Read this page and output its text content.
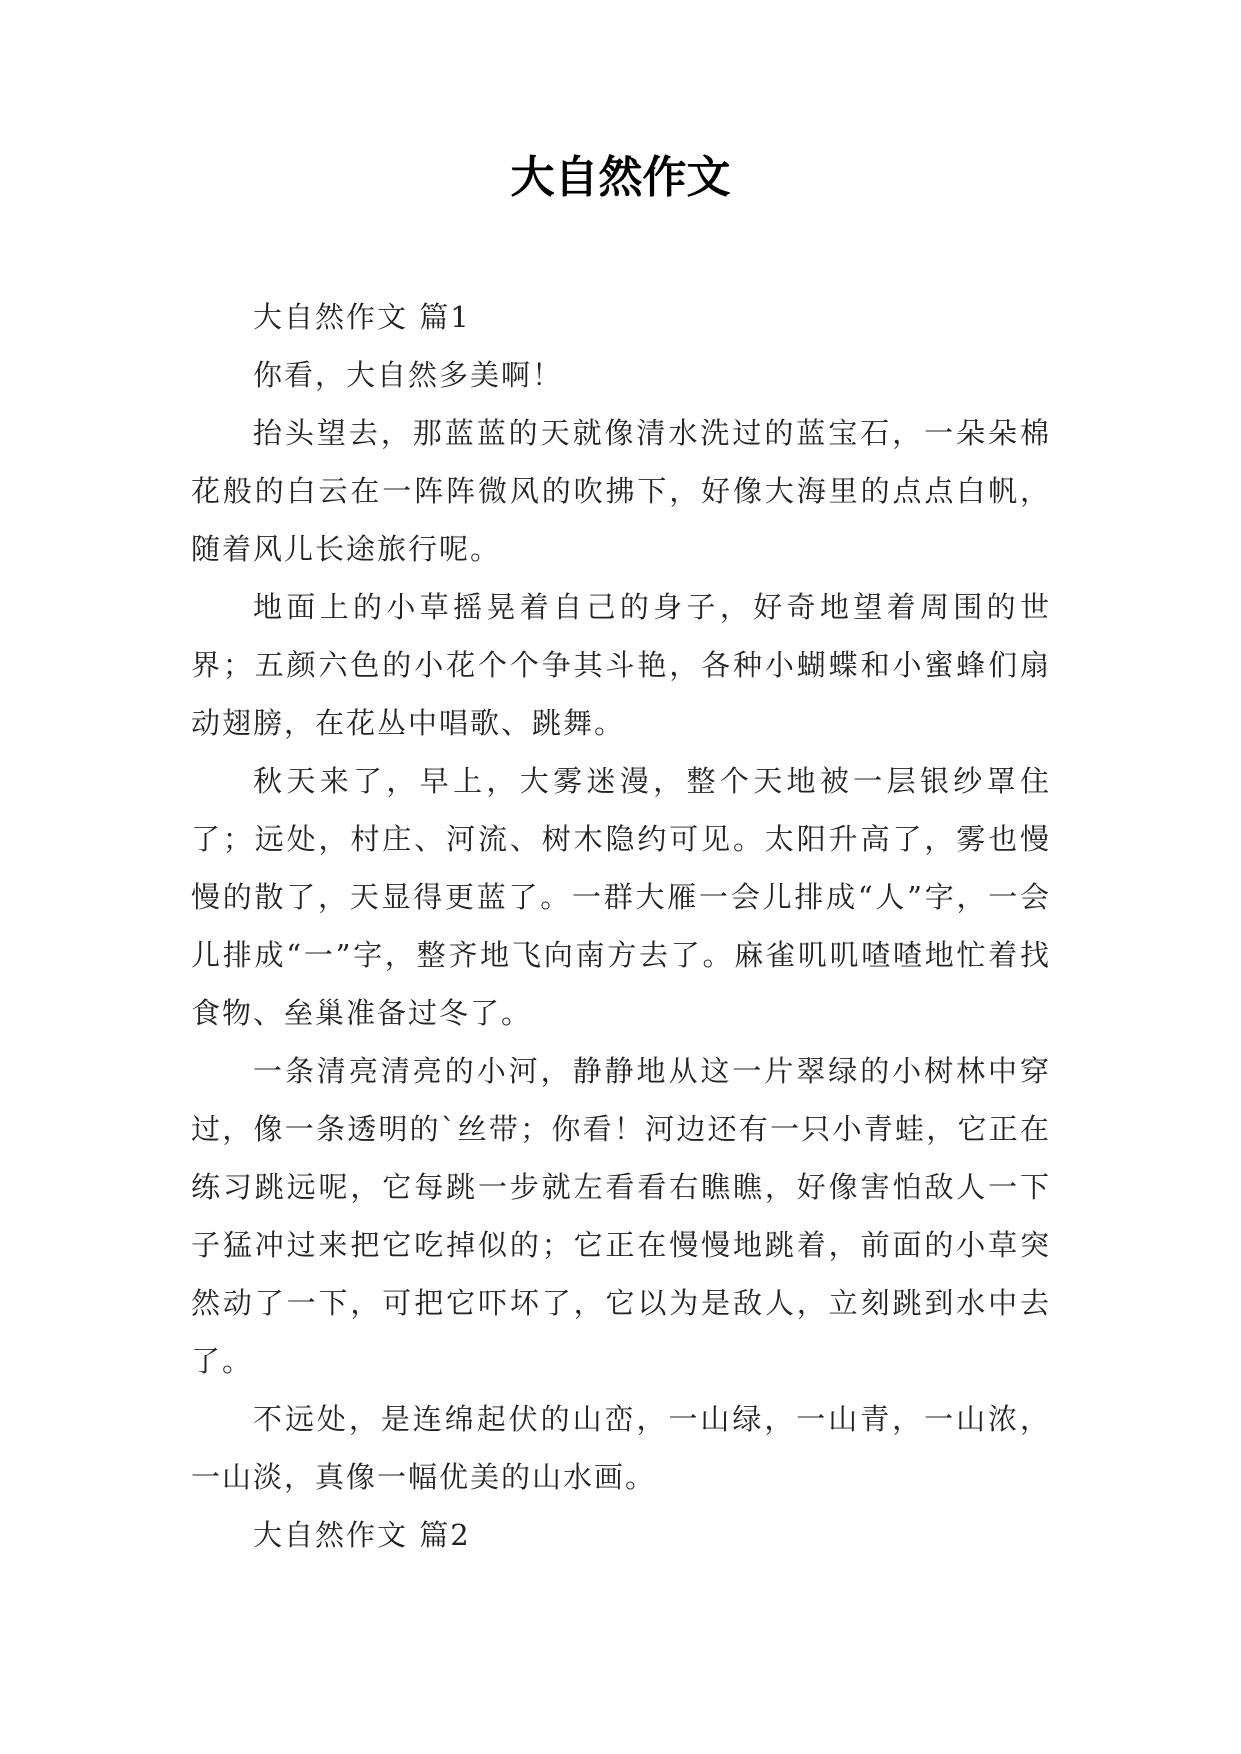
大自然作文

大自然作文 篇1

你看，大自然多美啊！

抬头望去，那蓝蓝的天就像清水洗过的蓝宝石，一朵朵棉花般的白云在一阵阵微风的吹拂下，好像大海里的点点白帆，随着风儿长途旅行呢。

地面上的小草摇晃着自己的身子，好奇地望着周围的世界；五颜六色的小花个个争其斗艳，各种小蝴蝶和小蜜蜂们扇动翅膀，在花丛中唱歌、跳舞。

秋天来了，早上，大雾迷漫，整个天地被一层银纱罩住了；远处，村庄、河流、树木隐约可见。太阳升高了，雾也慢慢的散了，天显得更蓝了。一群大雁一会儿排成“人”字，一会儿排成“一”字，整齐地飞向南方去了。麻雀叽叽喳喳地忙着找食物、垒巢准备过冬了。

一条清亮清亮的小河，静静地从这一片翠绿的小树林中穿过，像一条透明的`丝带；你看！河边还有一只小青蛙，它正在练习跳远呢，它每跳一步就左看看右瞧瞧，好像害怕敌人一下子猛冲过来把它吃掉似的；它正在慢慢地跳着，前面的小草突然动了一下，可把它吓坏了，它以为是敌人，立刻跳到水中去了。

不远处，是连绵起伏的山峦，一山绿，一山青，一山浓，一山淡，真像一幅优美的山水画。

大自然作文 篇2
